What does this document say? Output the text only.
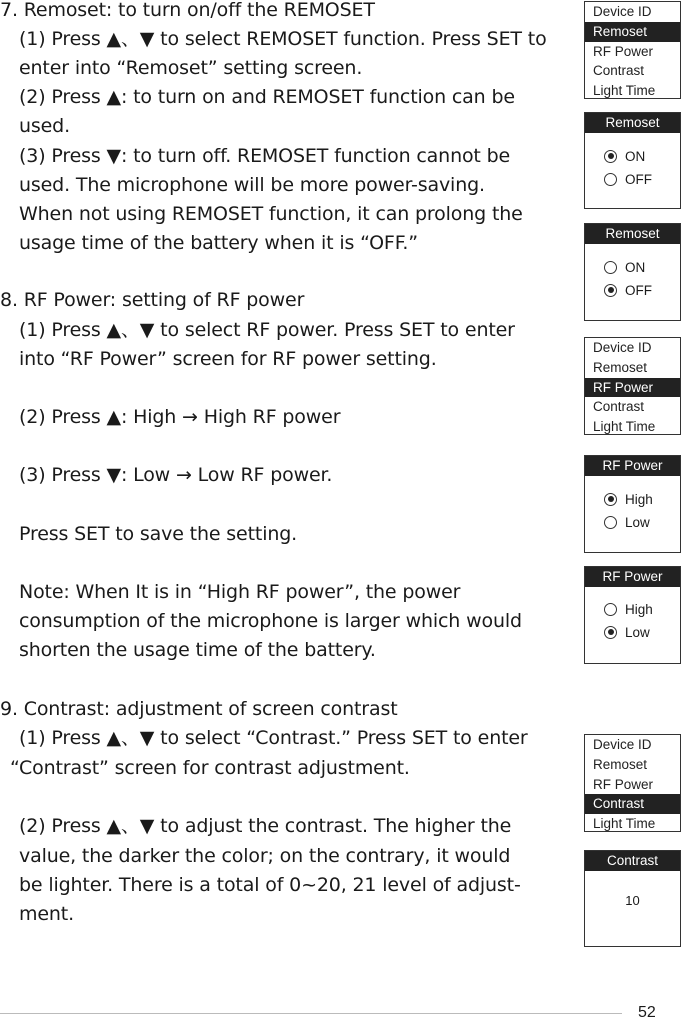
7. Remoset: to turn on/off the REMOSET
(1) Press ▲、▼ to select REMOSET function. Press SET to
enter into “Remoset” setting screen.
(2) Press ▲: to turn on and REMOSET function can be
used.
(3) Press ▼: to turn off. REMOSET function cannot be
used. The microphone will be more power-saving.
When not using REMOSET function, it can prolong the
usage time of the battery when it is “OFF.”
8. RF Power: setting of RF power
(1) Press ▲、▼ to select RF power. Press SET to enter
into “RF Power” screen for RF power setting.
(2) Press ▲: High → High RF power
(3) Press ▼: Low → Low RF power.
Press SET to save the setting.
Note: When It is in “High RF power”, the power
consumption of the microphone is larger which would
shorten the usage time of the battery.
9. Contrast: adjustment of screen contrast
(1) Press ▲、▼ to select “Contrast.” Press SET to enter
“Contrast” screen for contrast adjustment.
(2) Press ▲、▼ to adjust the contrast. The higher the
value, the darker the color; on the contrary, it would
be lighter. There is a total of 0~20, 21 level of adjust-
ment.
Device ID
Remoset
RF Power
Contrast
Light Time
Remoset
ON
OFF
Remoset
ON
OFF
Device ID
Remoset
RF Power
Contrast
Light Time
RF Power
High
Low
RF Power
High
Low
Device ID
Remoset
RF Power
Contrast
Light Time
Contrast
10
52
